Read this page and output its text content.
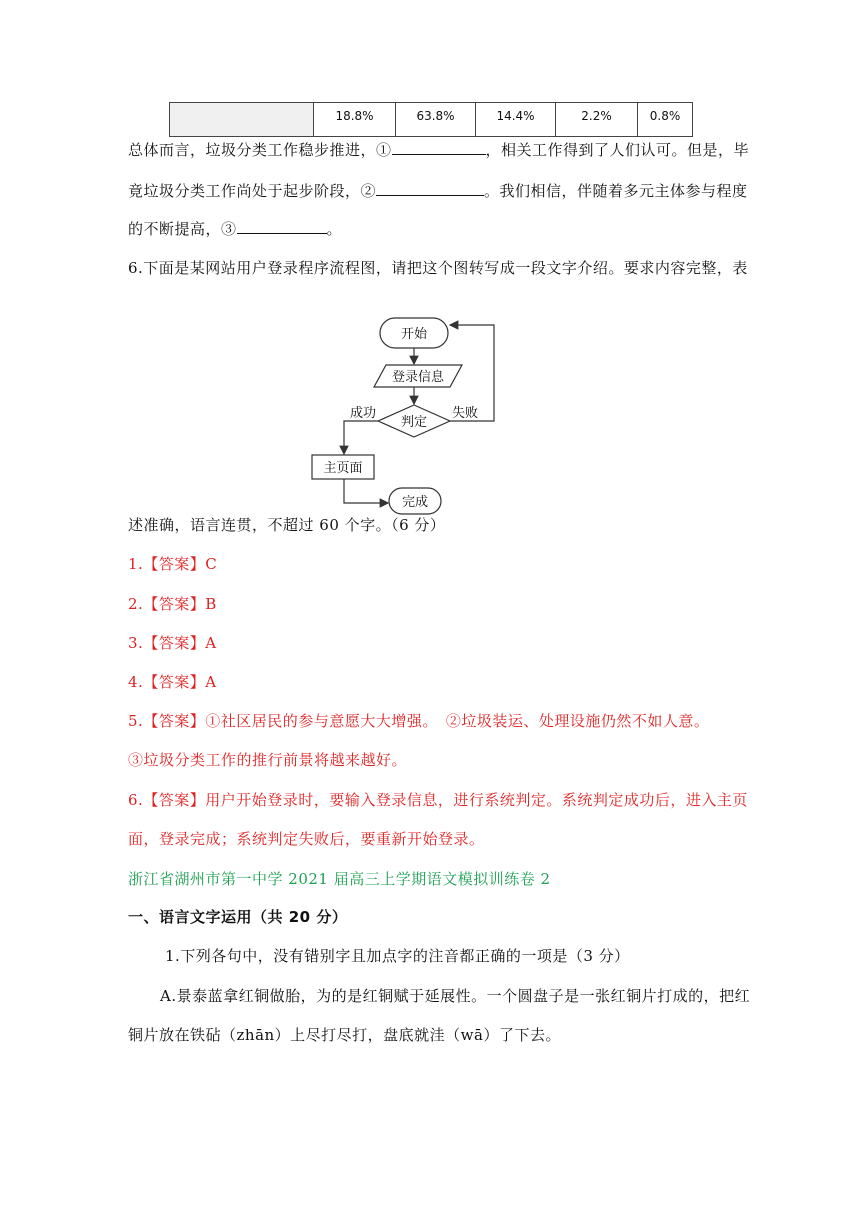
	18.8%	63.8%	14.4%	2.2%	0.8%
总体而言，垃圾分类工作稳步推进，①	，相关工作得到了人们认可。但是，毕
竟垃圾分类工作尚处于起步阶段，②	。我们相信，伴随着多元主体参与程度
的不断提高，③	。
6.下面是某网站用户登录程序流程图，请把这个图转写成一段文字介绍。要求内容完整，表
开始
登录信息
判定
失败
成功
主页面
完成
述准确，语言连贯，不超过 60 个字。（6 分）
1.【答案】C
2.【答案】B
3.【答案】A
4.【答案】A
5.【答案】①社区居民的参与意愿大大增强。　②垃圾装运、处理设施仍然不如人意。
③垃圾分类工作的推行前景将越来越好。
6.【答案】用户开始登录时，要输入登录信息，进行系统判定。系统判定成功后，进入主页
面，登录完成；系统判定失败后，要重新开始登录。
浙江省湖州市第一中学 2021 届高三上学期语文模拟训练卷 2
一、语言文字运用（共 20 分）
1.下列各句中，没有错别字且加点字的注音都正确的一项是（3 分）
A.景泰蓝拿红铜做胎，为的是红铜赋于延展性。一个圆盘子是一张红铜片打成的，把红
铜片放在铁砧（zhān）上尽打尽打，盘底就洼（wā）了下去。
